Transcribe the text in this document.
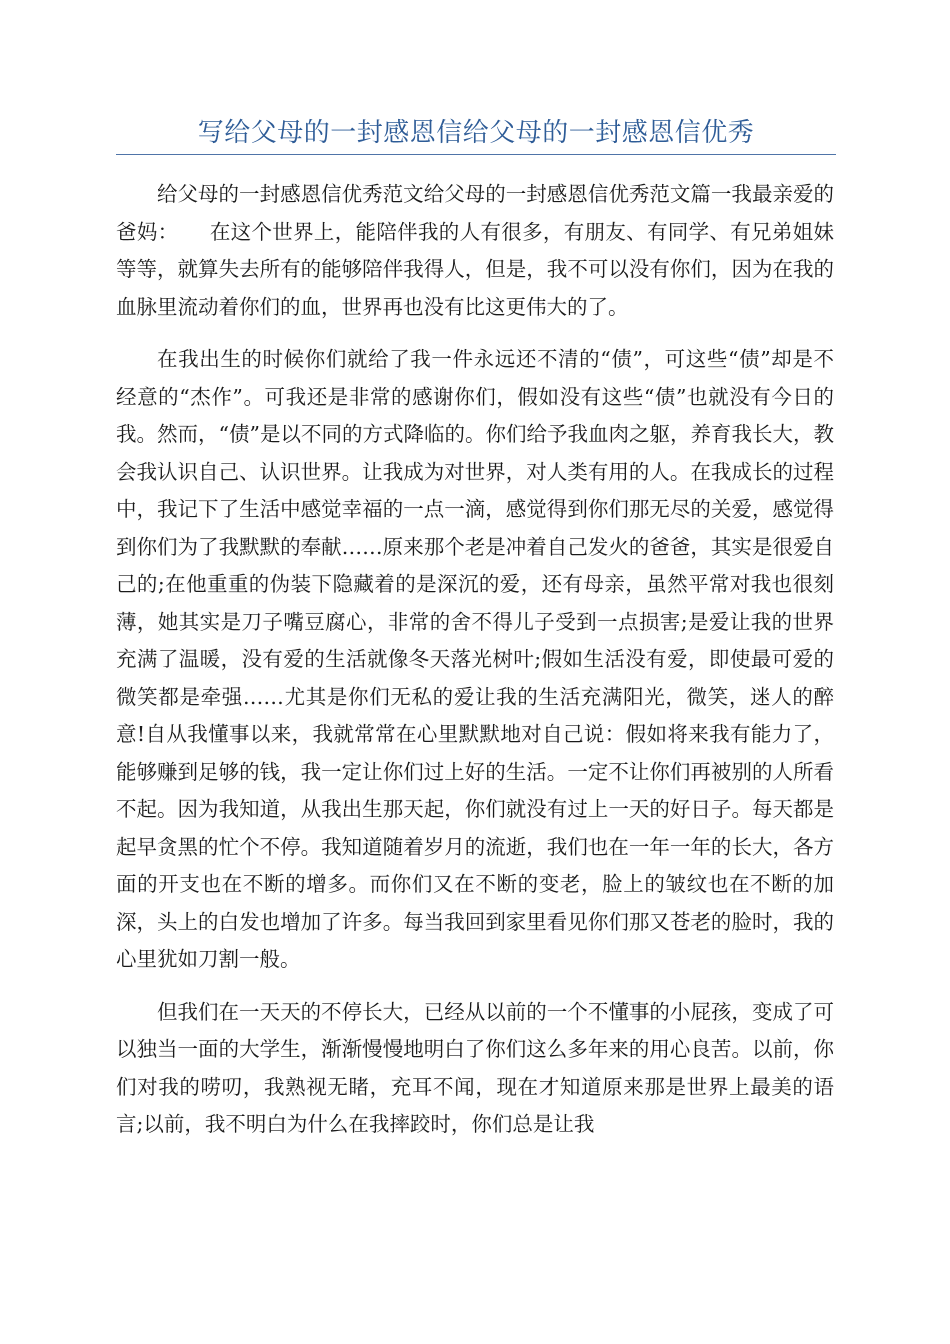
写给父母的一封感恩信给父母的一封感恩信优秀

给父母的一封感恩信优秀范文给父母的一封感恩信优秀范文篇一我最亲爱的爸妈：　　在这个世界上，能陪伴我的人有很多，有朋友、有同学、有兄弟姐妹等等，就算失去所有的能够陪伴我得人，但是，我不可以没有你们，因为在我的血脉里流动着你们的血，世界再也没有比这更伟大的了。

在我出生的时候你们就给了我一件永远还不清的“债”，可这些“债”却是不经意的“杰作”。可我还是非常的感谢你们，假如没有这些“债”也就没有今日的我。然而，“债”是以不同的方式降临的。你们给予我血肉之躯，养育我长大，教会我认识自己、认识世界。让我成为对世界，对人类有用的人。在我成长的过程中，我记下了生活中感觉幸福的一点一滴，感觉得到你们那无尽的关爱，感觉得到你们为了我默默的奉献……原来那个老是冲着自己发火的爸爸，其实是很爱自己的;在他重重的伪装下隐藏着的是深沉的爱，还有母亲，虽然平常对我也很刻薄，她其实是刀子嘴豆腐心，非常的舍不得儿子受到一点损害;是爱让我的世界充满了温暖，没有爱的生活就像冬天落光树叶;假如生活没有爱，即使最可爱的微笑都是牵强……尤其是你们无私的爱让我的生活充满阳光，微笑，迷人的醉意!自从我懂事以来，我就常常在心里默默地对自己说：假如将来我有能力了，能够赚到足够的钱，我一定让你们过上好的生活。一定不让你们再被别的人所看不起。因为我知道，从我出生那天起，你们就没有过上一天的好日子。每天都是起早贪黑的忙个不停。我知道随着岁月的流逝，我们也在一年一年的长大，各方面的开支也在不断的增多。而你们又在不断的变老，脸上的皱纹也在不断的加深，头上的白发也增加了许多。每当我回到家里看见你们那又苍老的脸时，我的心里犹如刀割一般。

但我们在一天天的不停长大，已经从以前的一个不懂事的小屁孩，变成了可以独当一面的大学生，渐渐慢慢地明白了你们这么多年来的用心良苦。以前，你们对我的唠叨，我熟视无睹，充耳不闻，现在才知道原来那是世界上最美的语言;以前，我不明白为什么在我摔跤时，你们总是让我
